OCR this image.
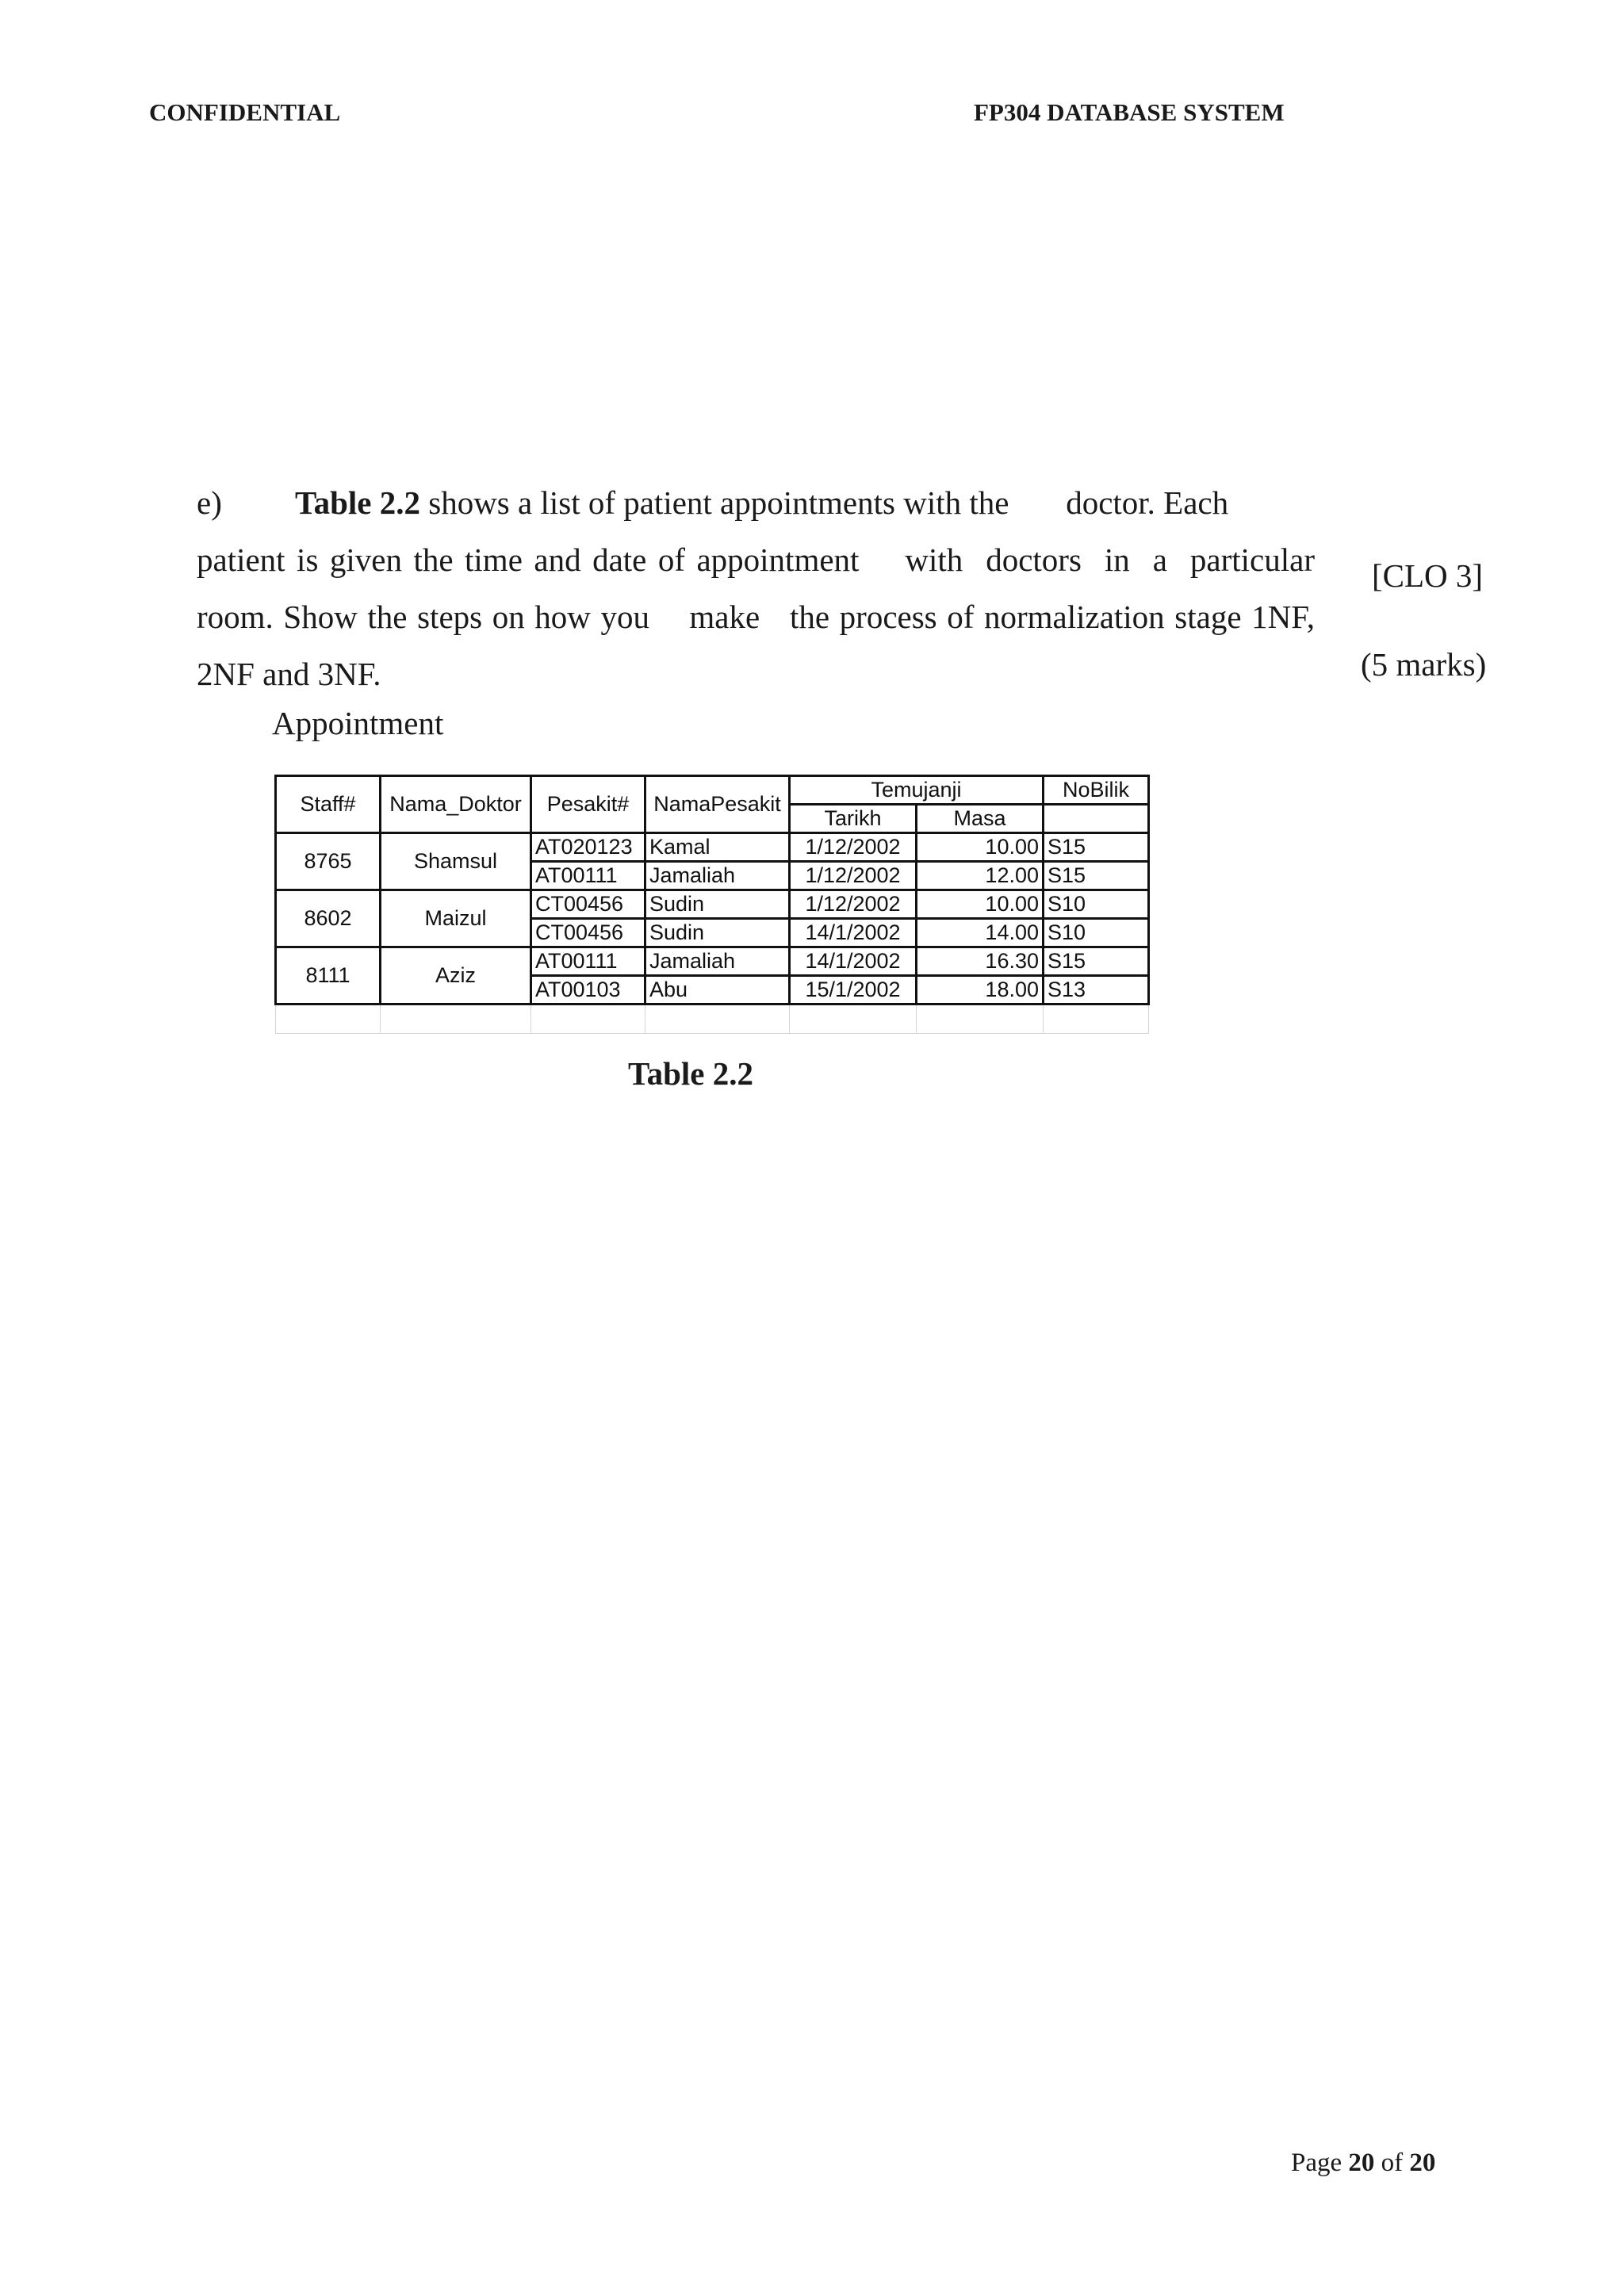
CONFIDENTIAL	FP304 DATABASE SYSTEM
e) Table 2.2 shows a list of patient appointments with the       doctor. Each
patient is given the time and date of appointment    with  doctors  in  a  particular
room. Show the steps on how you    make   the process of normalization stage 1NF,
2NF and 3NF.
[CLO 3]
(5 marks)
Appointment
Staff#	Nama_Doktor	Pesakit#	NamaPesakit	Temujanji		NoBilik
				Tarikh	Masa	
8765	Shamsul	AT020123	Kamal	1/12/2002	10.00	S15
		AT00111	Jamaliah	1/12/2002	12.00	S15
8602	Maizul	CT00456	Sudin	1/12/2002	10.00	S10
		CT00456	Sudin	14/1/2002	14.00	S10
8111	Aziz	AT00111	Jamaliah	14/1/2002	16.30	S15
		AT00103	Abu	15/1/2002	18.00	S13

Table 2.2
Page 20 of 20
